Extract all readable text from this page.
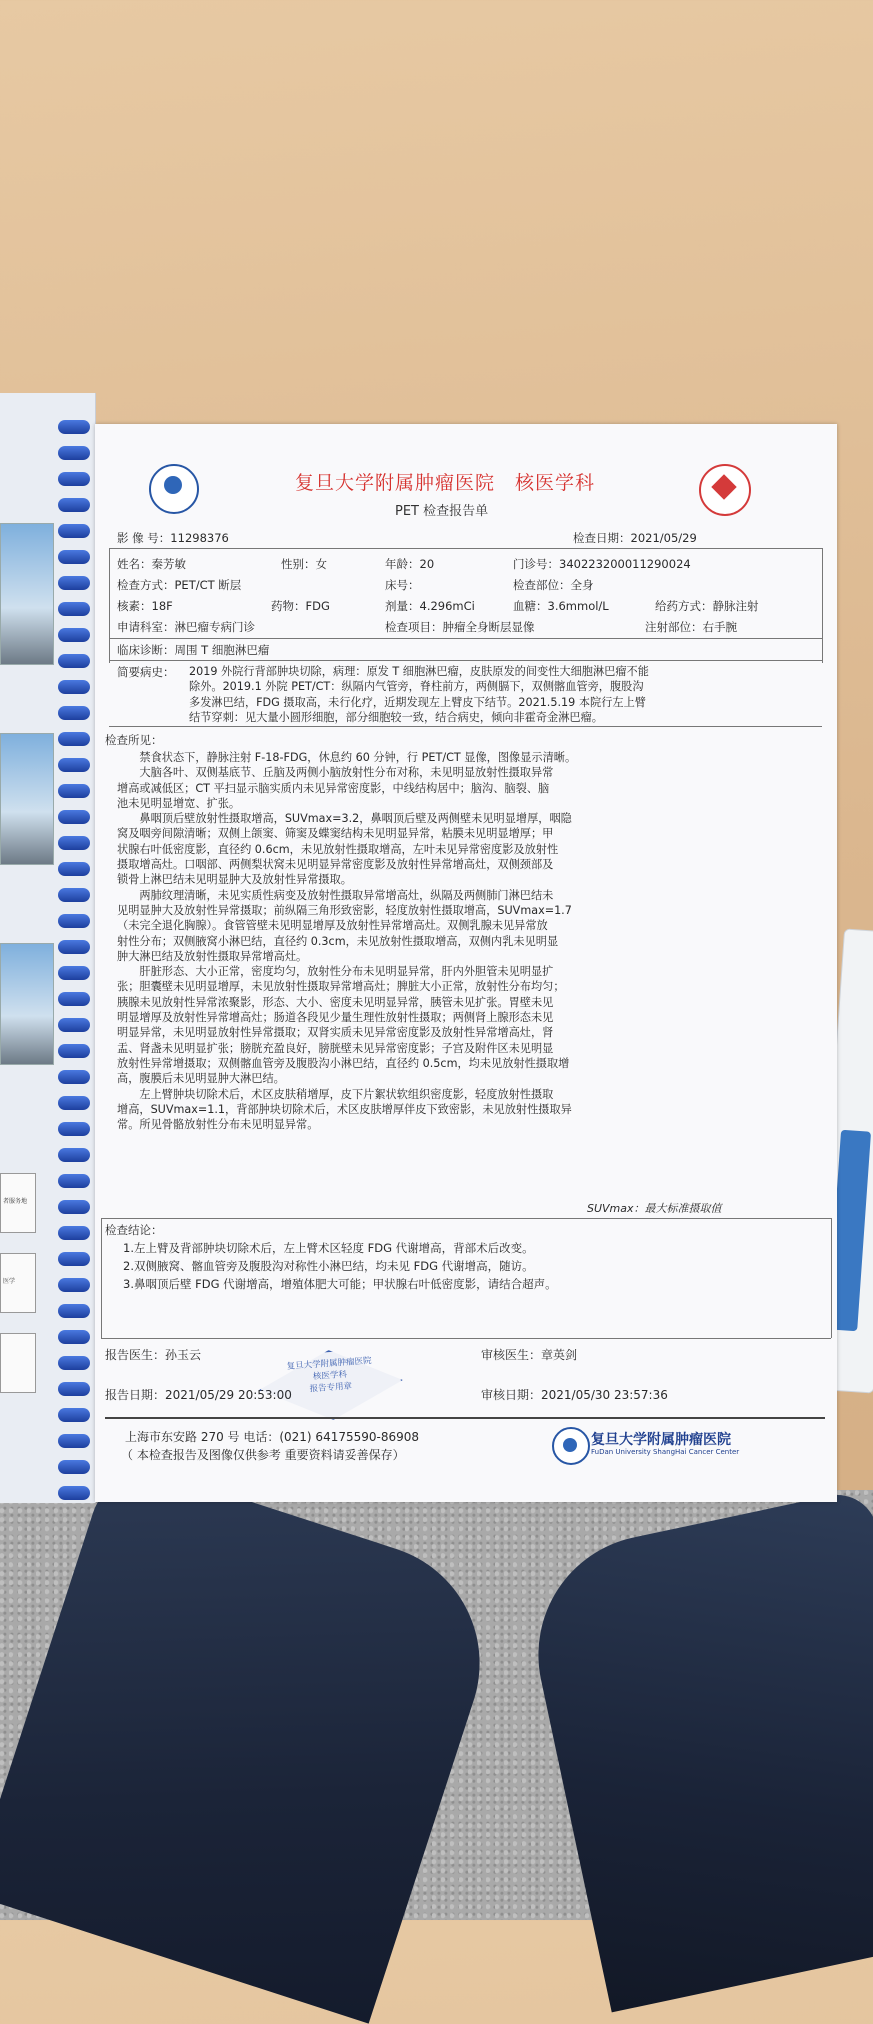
者服务地
医学
复旦大学附属肿瘤医院　核医学科
PET 检查报告单
影 像 号：11298376	检查日期：2021/05/29
姓名：秦芳敏	性别：女	年龄：20	门诊号：340223200011290024
检查方式：PET/CT 断层	床号：	检查部位：全身
核素：18F	药物：FDG	剂量：4.296mCi	血糖：3.6mmol/L	给药方式：静脉注射
申请科室：淋巴瘤专病门诊	检查项目：肿瘤全身断层显像	注射部位：右手腕
临床诊断：周围 T 细胞淋巴瘤
简要病史： 2019 外院行背部肿块切除，病理：原发 T 细胞淋巴瘤，皮肤原发的间变性大细胞淋巴瘤不能
除外。2019.1 外院 PET/CT：纵隔内气管旁，脊柱前方，两侧膈下，双侧髂血管旁，腹股沟
多发淋巴结，FDG 摄取高，未行化疗，近期发现左上臂皮下结节。2021.5.19 本院行左上臂
结节穿刺：见大量小圆形细胞，部分细胞较一致，结合病史，倾向非霍奇金淋巴瘤。
检查所见：
　　禁食状态下，静脉注射 F-18-FDG，休息约 60 分钟，行 PET/CT 显像，图像显示清晰。
　　大脑各叶、双侧基底节、丘脑及两侧小脑放射性分布对称，未见明显放射性摄取异常
增高或减低区；CT 平扫显示脑实质内未见异常密度影，中线结构居中；脑沟、脑裂、脑
池未见明显增宽、扩张。
　　鼻咽顶后壁放射性摄取增高，SUVmax=3.2，鼻咽顶后壁及两侧壁未见明显增厚，咽隐
窝及咽旁间隙清晰；双侧上颌窦、筛窦及蝶窦结构未见明显异常，粘膜未见明显增厚；甲
状腺右叶低密度影，直径约 0.6cm，未见放射性摄取增高，左叶未见异常密度影及放射性
摄取增高灶。口咽部、两侧梨状窝未见明显异常密度影及放射性异常增高灶，双侧颈部及
锁骨上淋巴结未见明显肿大及放射性异常摄取。
　　两肺纹理清晰，未见实质性病变及放射性摄取异常增高灶，纵隔及两侧肺门淋巴结未
见明显肿大及放射性异常摄取；前纵隔三角形致密影，轻度放射性摄取增高，SUVmax=1.7
（未完全退化胸腺）。食管管壁未见明显增厚及放射性异常增高灶。双侧乳腺未见异常放
射性分布；双侧腋窝小淋巴结，直径约 0.3cm，未见放射性摄取增高，双侧内乳未见明显
肿大淋巴结及放射性摄取异常增高灶。
　　肝脏形态、大小正常，密度均匀，放射性分布未见明显异常，肝内外胆管未见明显扩
张；胆囊壁未见明显增厚，未见放射性摄取异常增高灶；脾脏大小正常，放射性分布均匀；
胰腺未见放射性异常浓聚影，形态、大小、密度未见明显异常，胰管未见扩张。胃壁未见
明显增厚及放射性异常增高灶；肠道各段见少量生理性放射性摄取；两侧肾上腺形态未见
明显异常，未见明显放射性异常摄取；双肾实质未见异常密度影及放射性异常增高灶，肾
盂、肾盏未见明显扩张；膀胱充盈良好，膀胱壁未见异常密度影；子宫及附件区未见明显
放射性异常增摄取；双侧髂血管旁及腹股沟小淋巴结，直径约 0.5cm，均未见放射性摄取增
高，腹膜后未见明显肿大淋巴结。
　　左上臂肿块切除术后，术区皮肤稍增厚，皮下片絮状软组织密度影，轻度放射性摄取
增高，SUVmax=1.1，背部肿块切除术后，术区皮肤增厚伴皮下致密影，未见放射性摄取异
常。所见骨骼放射性分布未见明显异常。
SUVmax：最大标准摄取值
检查结论：
1.左上臂及背部肿块切除术后，左上臂术区轻度 FDG 代谢增高，背部术后改变。
2.双侧腋窝、髂血管旁及腹股沟对称性小淋巴结，均未见 FDG 代谢增高，随访。
3.鼻咽顶后壁 FDG 代谢增高，增殖体肥大可能；甲状腺右叶低密度影，请结合超声。
报告医生：孙玉云	审核医生：章英剑
报告日期：2021/05/29 20:53:00	审核日期：2021/05/30 23:57:36
复旦大学附属肿瘤医院
核医学科
报告专用章
上海市东安路 270 号 电话：(021) 64175590-86908
（ 本检查报告及图像仅供参考 重要资料请妥善保存）
复旦大学附属肿瘤医院
FuDan University ShangHai Cancer Center
